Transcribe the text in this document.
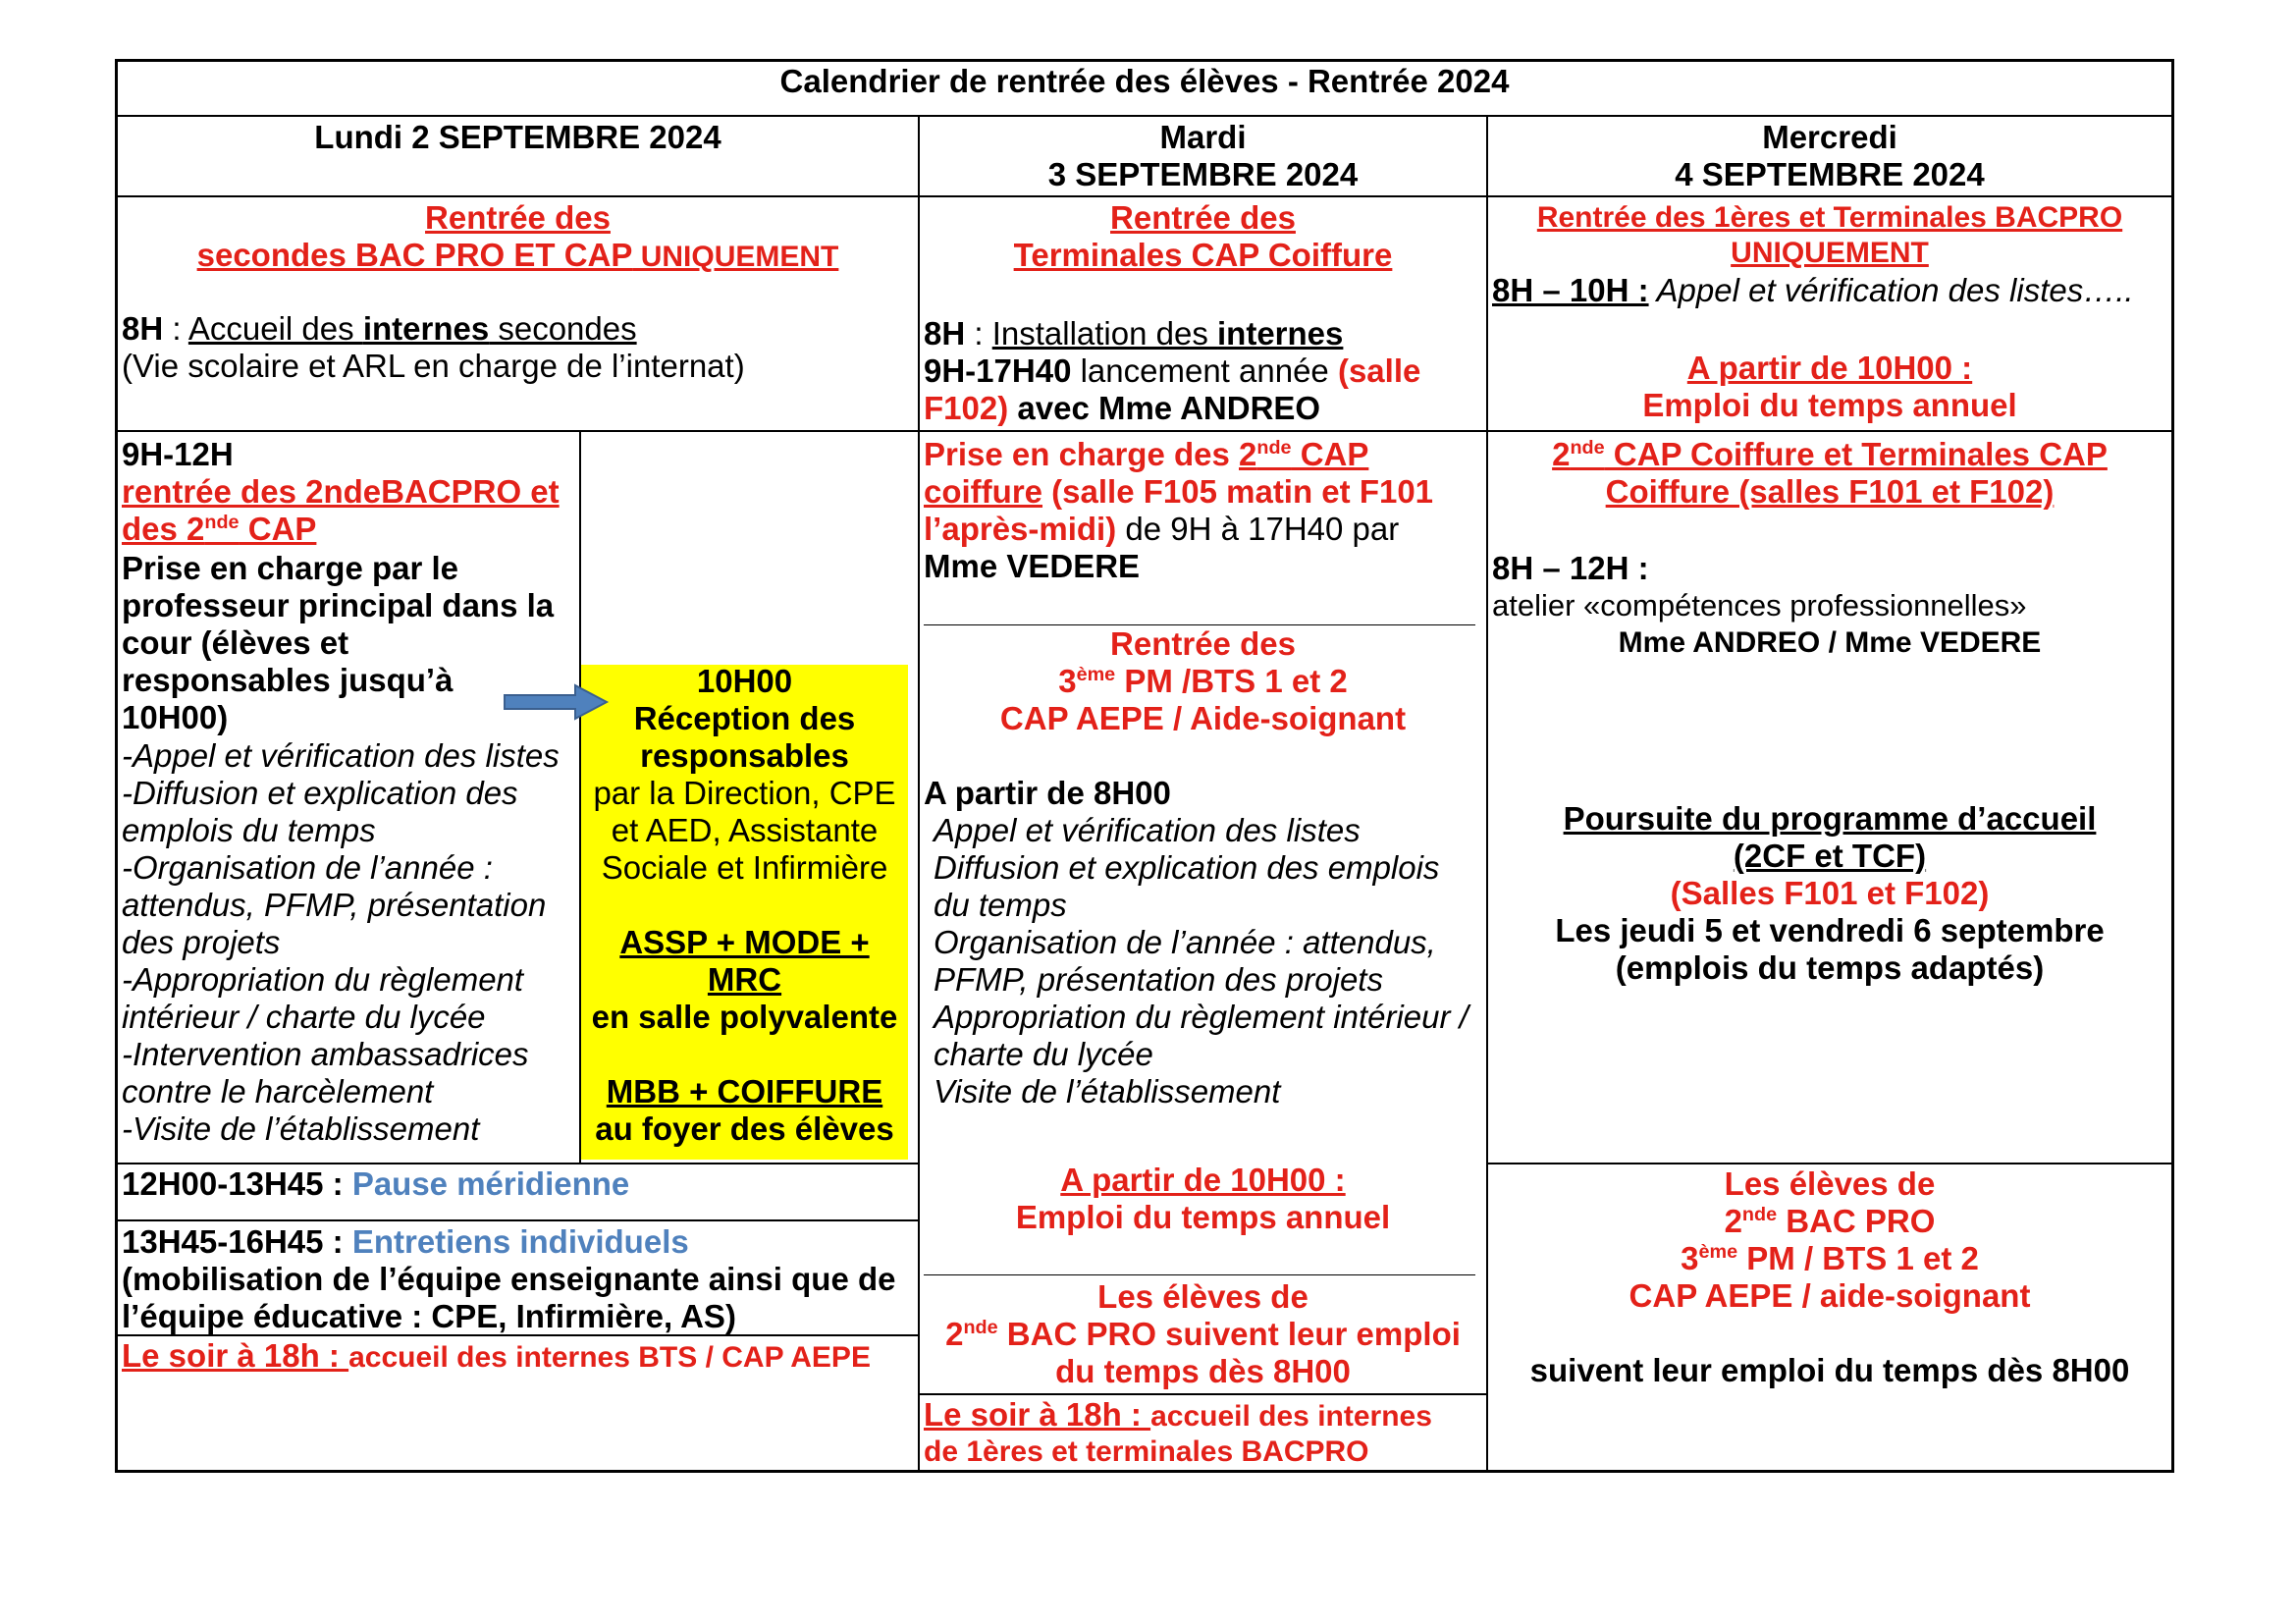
Calendrier de rentrée des élèves - Rentrée 2024
Lundi 2 SEPTEMBRE 2024	Mardi
3 SEPTEMBRE 2024
Mercredi
4 SEPTEMBRE 2024
Rentrée des
secondes BAC PRO ET CAP UNIQUEMENT
8H : Accueil des internes secondes
(Vie scolaire et ARL en charge de l’internat)
9H-12H
rentrée des 2ndeBACPRO et
des 2nde CAP
Prise en charge par le
professeur principal dans la
cour (élèves et
responsables jusqu’à
10H00)
-Appel et vérification des listes
-Diffusion et explication des
emplois du temps
-Organisation de l’année :
attendus, PFMP, présentation
des projets
-Appropriation du règlement
intérieur / charte du lycée
-Intervention ambassadrices
contre le harcèlement
-Visite de l’établissement
10H00
Réception des
responsables
par la Direction, CPE
et AED, Assistante
Sociale et Infirmière
ASSP + MODE +
MRC
en salle polyvalente
MBB + COIFFURE
au foyer des élèves
12H00-13H45 : Pause méridienne
13H45-16H45 : Entretiens individuels
(mobilisation de l’équipe enseignante ainsi que de
l’équipe éducative : CPE, Infirmière, AS)
Le soir à 18h : accueil des internes BTS / CAP AEPE
Rentrée des
Terminales CAP Coiffure
8H : Installation des internes
9H-17H40 lancement année (salle
F102) avec Mme ANDREO
Prise en charge des 2nde CAP
coiffure (salle F105 matin et F101
l’après-midi) de 9H à 17H40 par
Mme VEDERE
Rentrée des
3ème PM /BTS 1 et 2
CAP AEPE / Aide-soignant
A partir de 8H00
Appel et vérification des listes
Diffusion et explication des emplois
du temps
Organisation de l’année : attendus,
PFMP, présentation des projets
Appropriation du règlement intérieur /
charte du lycée
Visite de l’établissement
A partir de 10H00 :
Emploi du temps annuel
Les élèves de
2nde BAC PRO suivent leur emploi
du temps dès 8H00
Le soir à 18h : accueil des internes
de 1ères et terminales BACPRO
Rentrée des 1ères et Terminales BACPRO
UNIQUEMENT
8H – 10H : Appel et vérification des listes…..
A partir de 10H00 :
Emploi du temps annuel
2nde CAP Coiffure et Terminales CAP
Coiffure (salles F101 et F102)
8H – 12H :
atelier «compétences professionnelles»
Mme ANDREO / Mme VEDERE
Poursuite du programme d’accueil
(2CF et TCF)
(Salles F101 et F102)
Les jeudi 5 et vendredi 6 septembre
(emplois du temps adaptés)
Les élèves de
2nde BAC PRO
3ème PM / BTS 1 et 2
CAP AEPE / aide-soignant
suivent leur emploi du temps dès 8H00
